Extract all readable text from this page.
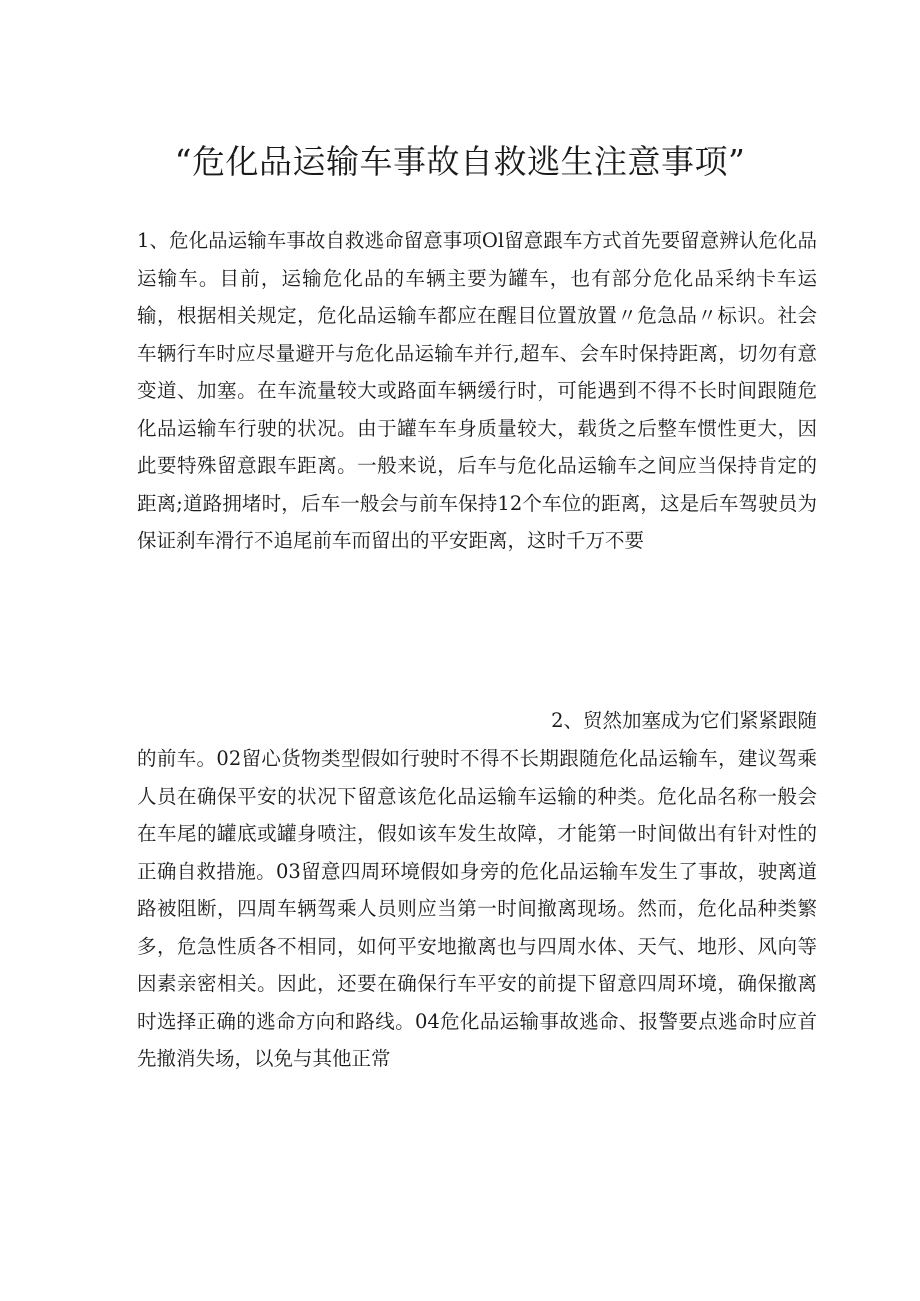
“危化品运输车事故自救逃生注意事项”

1、危化品运输车事故自救逃命留意事项Ol留意跟车方式首先要留意辨认危化品运输车。目前，运输危化品的车辆主要为罐车，也有部分危化品采纳卡车运输，根据相关规定，危化品运输车都应在醒目位置放置〃危急品〃标识。社会车辆行车时应尽量避开与危化品运输车并行,超车、会车时保持距离，切勿有意变道、加塞。在车流量较大或路面车辆缓行时，可能遇到不得不长时间跟随危化品运输车行驶的状况。由于罐车车身质量较大，载货之后整车惯性更大，因此要特殊留意跟车距离。一般来说，后车与危化品运输车之间应当保持肯定的距离;道路拥堵时，后车一般会与前车保持12个车位的距离，这是后车驾驶员为保证刹车滑行不追尾前车而留出的平安距离，这时千万不要

2、贸然加塞成为它们紧紧跟随

的前车。02留心货物类型假如行驶时不得不长期跟随危化品运输车，建议驾乘人员在确保平安的状况下留意该危化品运输车运输的种类。危化品名称一般会在车尾的罐底或罐身喷注，假如该车发生故障，才能第一时间做出有针对性的正确自救措施。03留意四周环境假如身旁的危化品运输车发生了事故，驶离道路被阻断，四周车辆驾乘人员则应当第一时间撤离现场。然而，危化品种类繁多，危急性质各不相同，如何平安地撤离也与四周水体、天气、地形、风向等因素亲密相关。因此，还要在确保行车平安的前提下留意四周环境，确保撤离时选择正确的逃命方向和路线。04危化品运输事故逃命、报警要点逃命时应首先撤消失场，以免与其他正常
